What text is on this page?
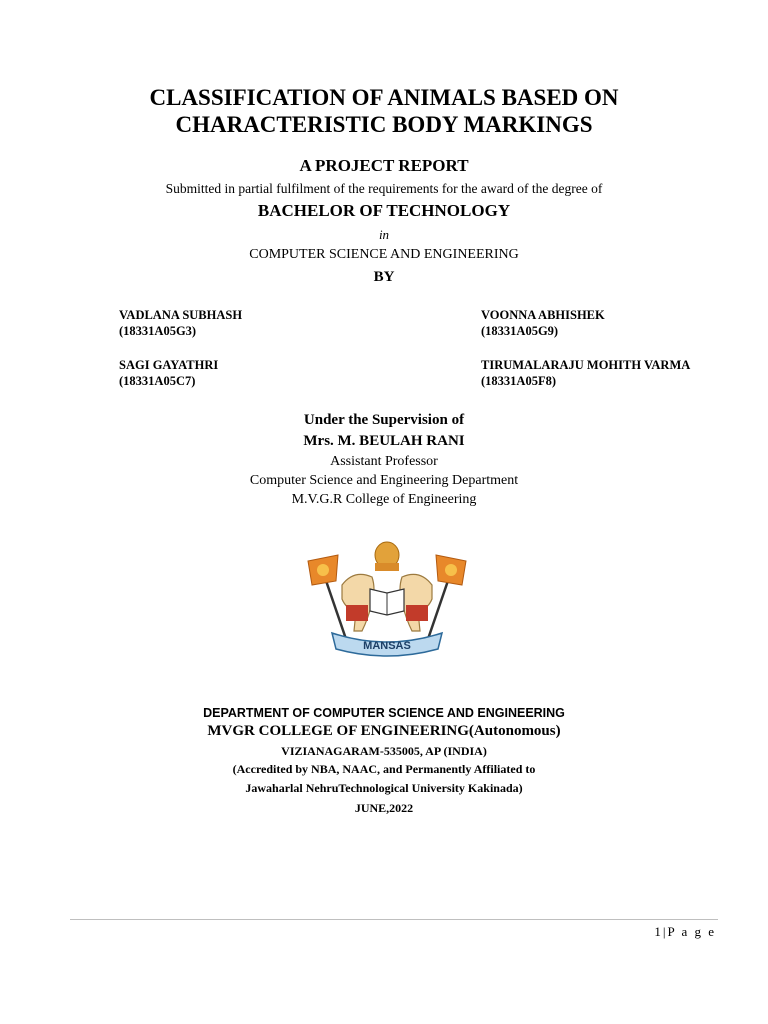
CLASSIFICATION OF ANIMALS BASED ON
CHARACTERISTIC BODY MARKINGS
A PROJECT REPORT
Submitted in partial fulfilment of the requirements for the award of the degree of
BACHELOR OF TECHNOLOGY
in
COMPUTER SCIENCE AND ENGINEERING
BY
VADLANA SUBHASH
(18331A05G3)
VOONNA ABHISHEK
(18331A05G9)
SAGI GAYATHRI
(18331A05C7)
TIRUMALARAJU MOHITH VARMA
(18331A05F8)
Under the Supervision of
Mrs. M. BEULAH RANI
Assistant Professor
Computer Science and Engineering Department
M.V.G.R College of Engineering
MANSAS
DEPARTMENT OF COMPUTER SCIENCE AND ENGINEERING
MVGR COLLEGE OF ENGINEERING(Autonomous)
VIZIANAGARAM-535005, AP (INDIA)
(Accredited by NBA, NAAC, and Permanently Affiliated to
Jawaharlal NehruTechnological University Kakinada)
JUNE,2022
1|P a g e
